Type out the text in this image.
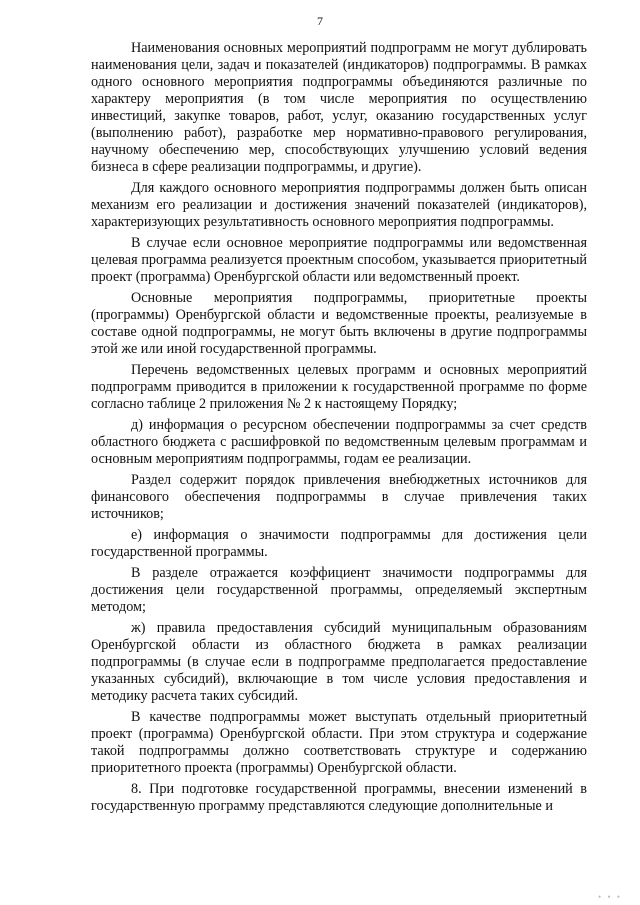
7

Наименования основных мероприятий подпрограмм не могут дублировать наименования цели, задач и показателей (индикаторов) подпрограммы. В рамках одного основного мероприятия подпрограммы объединяются различные по характеру мероприятия (в том числе мероприятия по осуществлению инвестиций, закупке товаров, работ, услуг, оказанию государственных услуг (выполнению работ), разработке мер нормативно-правового регулирования, научному обеспечению мер, способствующих улучшению условий ведения бизнеса в сфере реализации подпрограммы, и другие).

Для каждого основного мероприятия подпрограммы должен быть описан механизм его реализации и достижения значений показателей (индикаторов), характеризующих результативность основного мероприятия подпрограммы.

В случае если основное мероприятие подпрограммы или ведомственная целевая программа реализуется проектным способом, указывается приоритетный проект (программа) Оренбургской области или ведомственный проект.

Основные мероприятия подпрограммы, приоритетные проекты (программы) Оренбургской области и ведомственные проекты, реализуемые в составе одной подпрограммы, не могут быть включены в другие подпрограммы этой же или иной государственной программы.

Перечень ведомственных целевых программ и основных мероприятий подпрограмм приводится в приложении к государственной программе по форме согласно таблице 2 приложения № 2 к настоящему Порядку;

д) информация о ресурсном обеспечении подпрограммы за счет средств областного бюджета с расшифровкой по ведомственным целевым программам и основным мероприятиям подпрограммы, годам ее реализации.

Раздел содержит порядок привлечения внебюджетных источников для финансового обеспечения подпрограммы в случае привлечения таких источников;

е) информация о значимости подпрограммы для достижения цели государственной программы.

В разделе отражается коэффициент значимости подпрограммы для достижения цели государственной программы, определяемый экспертным методом;

ж) правила предоставления субсидий муниципальным образованиям Оренбургской области из областного бюджета в рамках реализации подпрограммы (в случае если в подпрограмме предполагается предоставление указанных субсидий), включающие в том числе условия предоставления и методику расчета таких субсидий.

В качестве подпрограммы может выступать отдельный приоритетный проект (программа) Оренбургской области. При этом структура и содержание такой подпрограммы должно соответствовать структуре и содержанию приоритетного проекта (программы) Оренбургской области.

8. При подготовке государственной программы, внесении изменений в государственную программу представляются следующие дополнительные и

• • •
